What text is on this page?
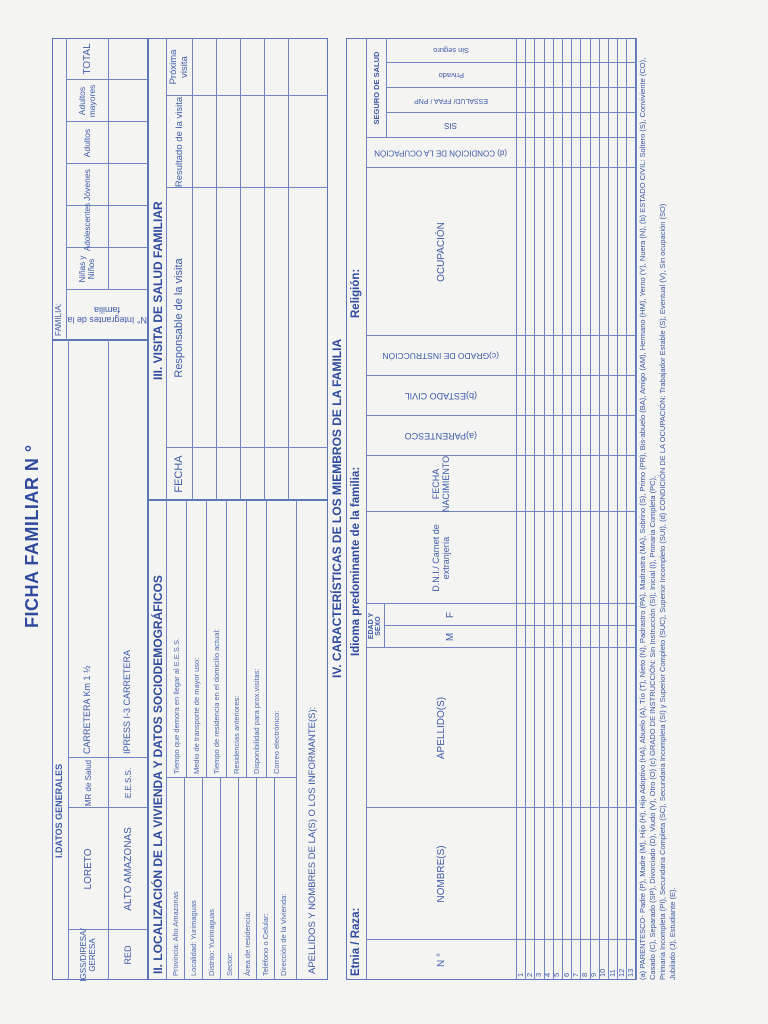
FICHA FAMILIAR N °
I.DATOS GENERALES
IGSS/DIRESA/ GERESA
LORETO
MR de Salud
CARRETERA Km 1 ½
RED
ALTO AMAZONAS
E.E.S.S.
IPRESS I-3 CARRETERA
FAMILIA: N° Integrantes de la familia
Niñas y Niños
Adolescentes
Jóvenes
Adultos
Adultos mayores
TOTAL
II. LOCALIZACIÓN DE LA VIVIENDA Y DATOS SOCIODEMOGRÁFICOS Provincia: Alto Amazonas Localidad: Yurimaguas Distrito: Yurimaguas Sector: Área de residencia: Teléfono o Celular: Dirección de la Vivienda:
Tiempo que demora en llegar al E.E.S.S. Medio de transporte de mayor uso: Tiempo de residencia en el domicilio actual: Residencias anteriores: Disponibilidad para prox.visitas: Correo electrónico:	APELLIDOS Y NOMBRES DE LA(S) O LOS INFORMANTE(S):
III. VISITA DE SALUD FAMILIAR
FECHA
Responsable de la visita
Resultado de la visita
Próxima visita
IV. CARACTERÍSTICAS DE LOS MIEMBROS DE LA FAMILIA
Etnia / Raza:
Idioma predominante de la familia:
Religión:
N °
NOMBRE(S)
APELLIDO(S)
EDAD Y SEXO
M
F
D.N.I./ Carnet de extranjería
FECHA NACIMIENTO
(a)PARENTESCO
(b)ESTADO CIVIL
(c)GRADO DE INSTRUCCIÓN
OCUPACIÓN
(d) CONDICIÓN DE LA OCUPACIÓN
SEGURO DE SALUD
SIS
ESSALUD/ FFAA / PNP
Privado
Sin seguro
(a) PARENTESCO- Padre (P), Madre (M), Hijo (H), Hijo Adoptivo (HA), Abuelo (A), Tío (T), Nieto (N), Padrastro (PA), Madrastra (MA), Sobrino (S), Primo (PR), Bis-abuelo (BA), Amigo (AM), Hermano (HM), Yerno (Y), Nuera (N), (b) ESTADO CIVIL: Soltero (S), Conviviente (CO), Casado (C), Separado (SP), Divorciado (D), Viudo (V), Otro (O) (c) GRADO DE INSTRUCCIÓN: Sin Instrucción (SI), Inicial (I), Primaria Completa (PC), Primaria Incompleta (PI), Secundaria Completa (SC), Secundaria Incompleta (SI) y Superior Completo (SUC), Superior Incompleto (SUI), (d) CONDICIÓN DE LA OCUPACIÓN: Trabajador Estable (S), Eventual (V), Sin ocupación (SO) Jubilado (J), Estudiante (E).
1 2 3 4 5 6 7 8 9 10 11 12 13
